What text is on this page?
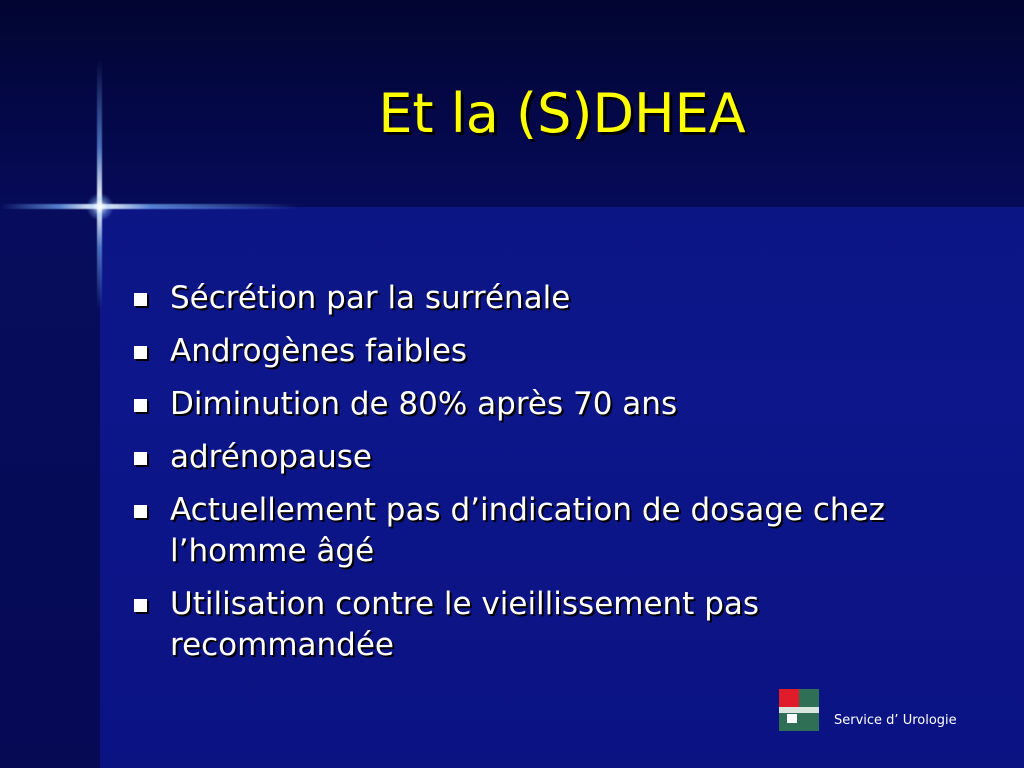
Et la (S)DHEA
Sécrétion par la surrénale
Androgènes faibles
Diminution de 80% après 70 ans
adrénopause
Actuellement pas d’indication de dosage chez l’homme âgé
Utilisation contre le vieillissement pas recommandée
Service d’ Urologie
